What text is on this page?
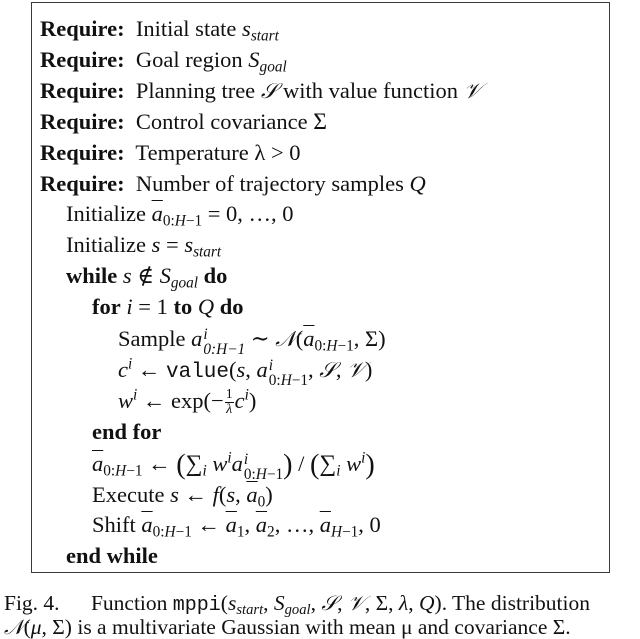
Require: Initial state $s_{start}$
Require: Goal region $S_{goal}$
Require: Planning tree 𝒮 with value function 𝒱
Require: Control covariance Σ
Require: Temperature λ > 0
Require: Number of trajectory samples Q
Initialize $\overline{a}_{0:H-1} = 0$, …, 0
Initialize $s = s_{start}$
while s ∉ $S_{goal}$ do
for i = 1 to Q do
Sample a i
0:H−1 ∼ $𝒩(\overline{a}_{0:H-1}$, Σ)
$c^i$ ← value(s, a i
0:H−1 , 𝒮, 𝒱)
$w^i$ ← $\exp(- \frac{1}{\lambda} c^i)$
end for
$\overline{a}_{0:H-1}$ ← ($\sum_i$ $w^ia$ i
0:H−1 ) / ($\sum_i$ $w^i$)
Execute s ← f(s, $\overline{a}_0$)
Shift $\overline{a}_{0:H-1}$ ← $\overline{a}_1$, $\overline{a}_2$, …, $\overline{a}_{H-1}$, 0
end while
Fig. 4. Function $mppi(s_{start}$, $S_{goal}$, 𝒮, 𝒱, Σ, λ, Q). The distribution
𝒩(μ, Σ) is a multivariate Gaussian with mean μ and covariance Σ.
